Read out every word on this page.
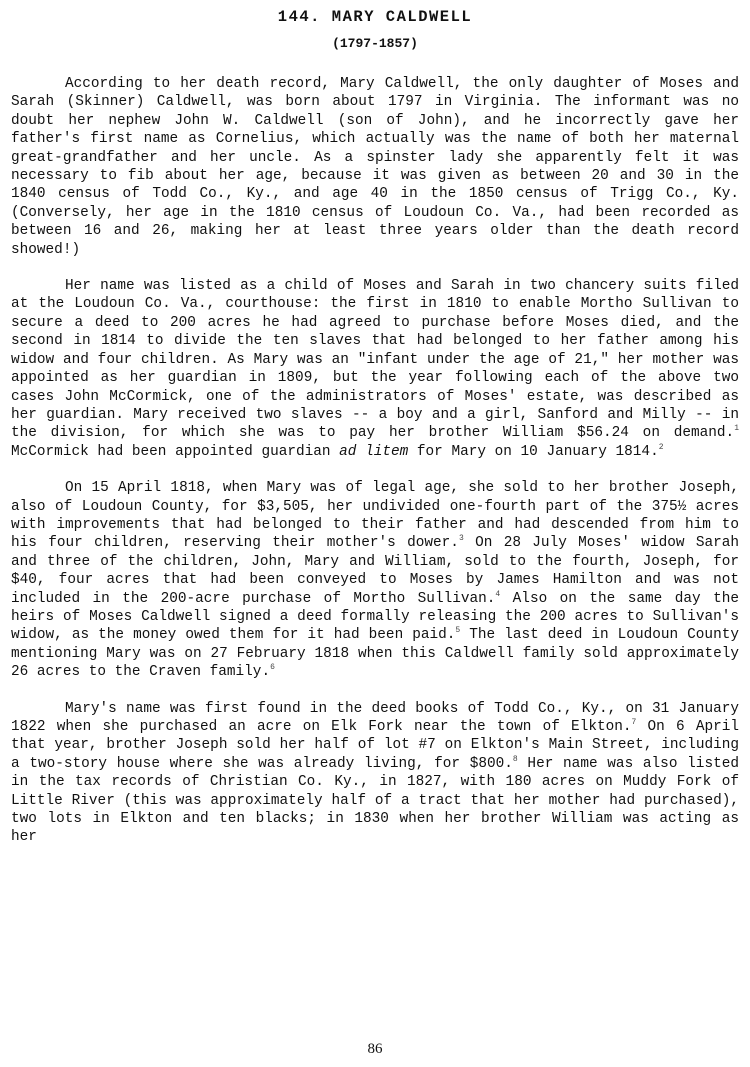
144. MARY CALDWELL
(1797-1857)

According to her death record, Mary Caldwell, the only daughter of Moses and Sarah (Skinner) Caldwell, was born about 1797 in Virginia. The informant was no doubt her nephew John W. Caldwell (son of John), and he incorrectly gave her father's first name as Cornelius, which actually was the name of both her maternal great-grandfather and her uncle. As a spinster lady she apparently felt it was necessary to fib about her age, because it was given as between 20 and 30 in the 1840 census of Todd Co., Ky., and age 40 in the 1850 census of Trigg Co., Ky. (Conversely, her age in the 1810 census of Loudoun Co. Va., had been recorded as between 16 and 26, making her at least three years older than the death record showed!)

Her name was listed as a child of Moses and Sarah in two chancery suits filed at the Loudoun Co. Va., courthouse: the first in 1810 to enable Mortho Sullivan to secure a deed to 200 acres he had agreed to purchase before Moses died, and the second in 1814 to divide the ten slaves that had belonged to her father among his widow and four children. As Mary was an "infant under the age of 21," her mother was appointed as her guardian in 1809, but the year following each of the above two cases John McCormick, one of the administrators of Moses' estate, was described as her guardian. Mary received two slaves -- a boy and a girl, Sanford and Milly -- in the division, for which she was to pay her brother William $56.24 on demand.$^1$ McCormick had been appointed guardian ad litem for Mary on 10 January 1814.$^2$

On 15 April 1818, when Mary was of legal age, she sold to her brother Joseph, also of Loudoun County, for $3,505, her undivided one-fourth part of the 375½ acres with improvements that had belonged to their father and had descended from him to his four children, reserving their mother's dower.$^3$ On 28 July Moses' widow Sarah and three of the children, John, Mary and William, sold to the fourth, Joseph, for $40, four acres that had been conveyed to Moses by James Hamilton and was not included in the 200-acre purchase of Mortho Sullivan.$^4$ Also on the same day the heirs of Moses Caldwell signed a deed formally releasing the 200 acres to Sullivan's widow, as the money owed them for it had been paid.$^5$ The last deed in Loudoun County mentioning Mary was on 27 February 1818 when this Caldwell family sold approximately 26 acres to the Craven family.$^6$

Mary's name was first found in the deed books of Todd Co., Ky., on 31 January 1822 when she purchased an acre on Elk Fork near the town of Elkton.$^7$ On 6 April that year, brother Joseph sold her half of lot #7 on Elkton's Main Street, including a two-story house where she was already living, for $800.$^8$ Her name was also listed in the tax records of Christian Co. Ky., in 1827, with 180 acres on Muddy Fork of Little River (this was approximately half of a tract that her mother had purchased), two lots in Elkton and ten blacks; in 1830 when her brother William was acting as her

86
